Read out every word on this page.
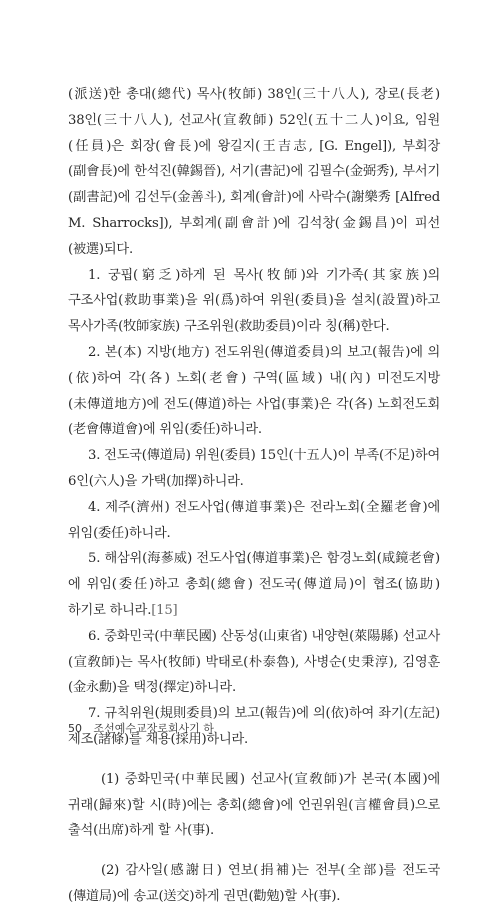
(派送)한 총대(總代) 목사(牧師) 38인(三十八人), 장로(長老) 38인(三十八人), 선교사(宣敎師) 52인(五十二人)이요, 임원(任員)은 회장(會長)에 왕길지(王吉志, [G. Engel]), 부회장(副會長)에 한석진(韓錫晉), 서기(書記)에 김필수(金弼秀), 부서기(副書記)에 김선두(金善斗), 회계(會計)에 사락수(謝樂秀 [Alfred M. Sharrocks]), 부회계(副會計)에 김석창(金錫昌)이 피선(被選)되다.

1. 궁핍(窮乏)하게 된 목사(牧師)와 기가족(其家族)의 구조사업(救助事業)을 위(爲)하여 위원(委員)을 설치(設置)하고 목사가족(牧師家族) 구조위원(救助委員)이라 칭(稱)한다.

2. 본(本) 지방(地方) 전도위원(傳道委員)의 보고(報告)에 의(依)하여 각(各) 노회(老會) 구역(區域) 내(內) 미전도지방(未傳道地方)에 전도(傳道)하는 사업(事業)은 각(各) 노회전도회(老會傳道會)에 위임(委任)하니라.

3. 전도국(傳道局) 위원(委員) 15인(十五人)이 부족(不足)하여 6인(六人)을 가택(加擇)하니라.

4. 제주(濟州) 전도사업(傳道事業)은 전라노회(全羅老會)에 위임(委任)하니라.

5. 해삼위(海蔘威) 전도사업(傳道事業)은 함경노회(咸鏡老會)에 위임(委任)하고 총회(總會) 전도국(傳道局)이 협조(協助)하기로 하니라.[15]

6. 중화민국(中華民國) 산동성(山東省) 내양현(萊陽縣) 선교사(宣敎師)는 목사(牧師) 박태로(朴泰魯), 사병순(史秉淳), 김영훈(金永勳)을 택정(擇定)하니라.

7. 규칙위원(規則委員)의 보고(報告)에 의(依)하여 좌기(左記) 제조(諸條)를 채용(採用)하니라.

(1) 중화민국(中華民國) 선교사(宣敎師)가 본국(本國)에 귀래(歸來)할 시(時)에는 총회(總會)에 언권위원(言權會員)으로 출석(出席)하게 할 사(事).

(2) 감사일(感謝日) 연보(捐補)는 전부(全部)를 전도국(傳道局)에 송교(送交)하게 권면(勸勉)할 사(事).

50 조선예수교장로회사기 하
